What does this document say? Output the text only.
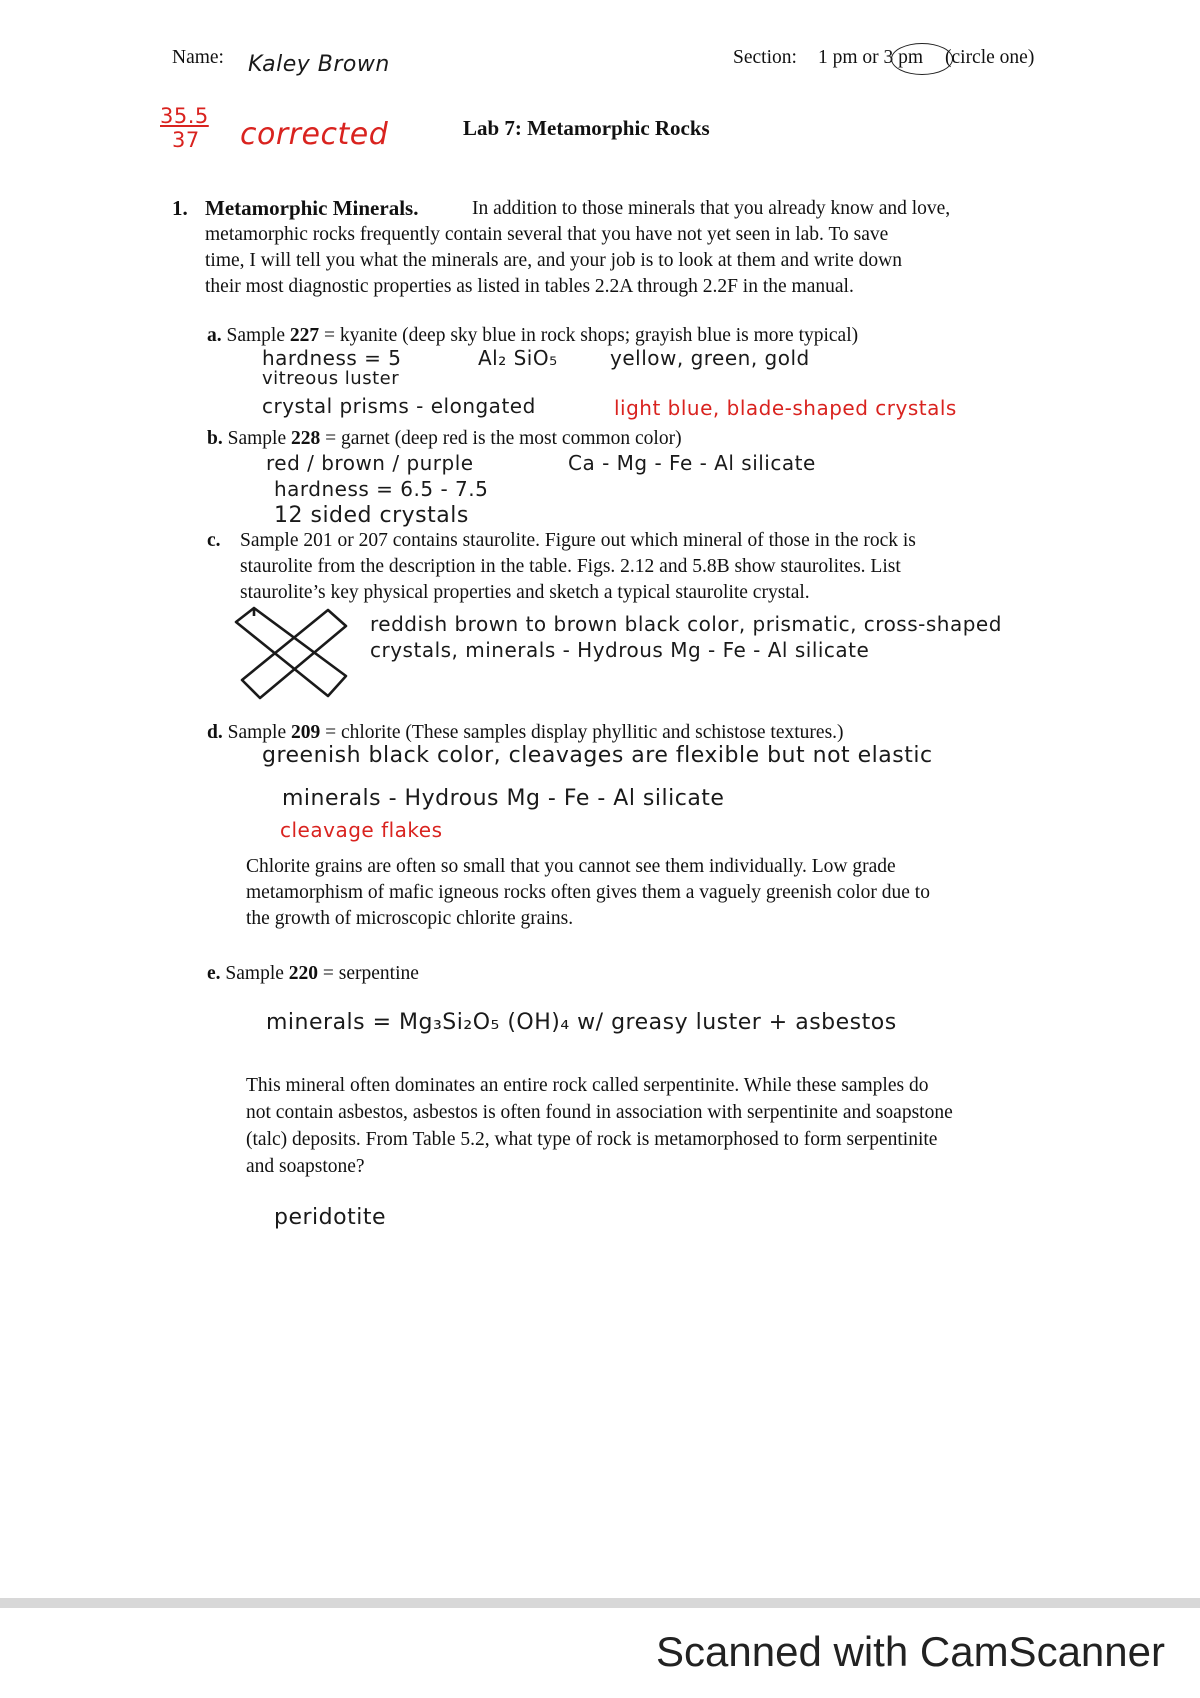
Name: Kaley Brown	Section: 1 pm or 3 pm (circle one)
35.5
37 corrected	Lab 7: Metamorphic Rocks
1. Metamorphic Minerals.	In addition to those minerals that you already know and love,
metamorphic rocks frequently contain several that you have not yet seen in lab. To save
time, I will tell you what the minerals are, and your job is to look at them and write down
their most diagnostic properties as listed in tables 2.2A through 2.2F in the manual.
a. Sample 227 = kyanite (deep sky blue in rock shops; grayish blue is more typical)
hardness = 5	Al₂ SiO₅	yellow, green, gold
vitreous luster
crystal prisms - elongated	light blue, blade-shaped crystals
b. Sample 228 = garnet (deep red is the most common color)
red / brown / purple	Ca - Mg - Fe - Al silicate
hardness = 6.5 - 7.5
12 sided crystals
c. Sample 201 or 207 contains staurolite. Figure out which mineral of those in the rock is
staurolite from the description in the table. Figs. 2.12 and 5.8B show staurolites. List
staurolite’s key physical properties and sketch a typical staurolite crystal.
reddish brown to brown black color, prismatic, cross-shaped
crystals, minerals - Hydrous Mg - Fe - Al silicate
d. Sample 209 = chlorite (These samples display phyllitic and schistose textures.)
greenish black color, cleavages are flexible but not elastic
minerals - Hydrous Mg - Fe - Al silicate
cleavage flakes
Chlorite grains are often so small that you cannot see them individually. Low grade
metamorphism of mafic igneous rocks often gives them a vaguely greenish color due to
the growth of microscopic chlorite grains.
e. Sample 220 = serpentine
minerals = Mg₃Si₂O₅ (OH)₄ w/ greasy luster + asbestos
This mineral often dominates an entire rock called serpentinite. While these samples do
not contain asbestos, asbestos is often found in association with serpentinite and soapstone
(talc) deposits. From Table 5.2, what type of rock is metamorphosed to form serpentinite
and soapstone?
peridotite
Scanned with CamScanner
